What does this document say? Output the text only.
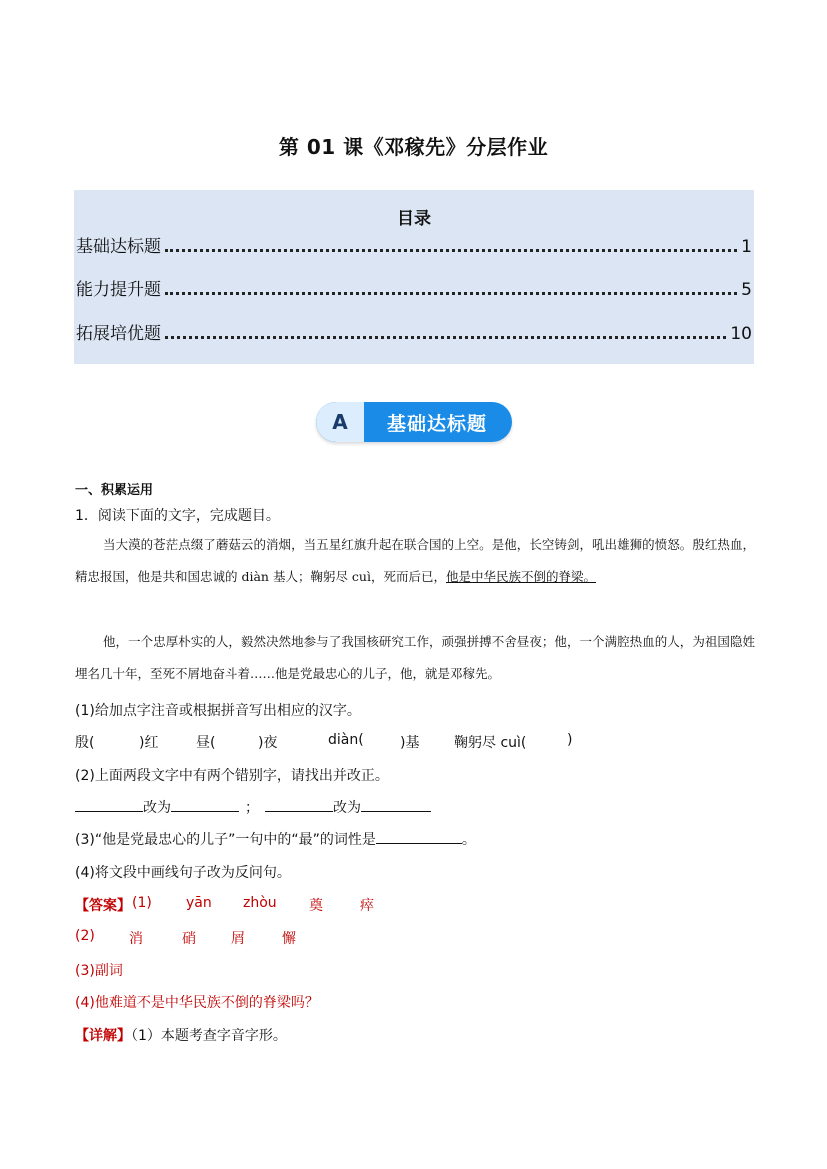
第 01 课《邓稼先》分层作业
目录
基础达标题	1
能力提升题	5
拓展培优题	10
A	基础达标题
一、积累运用
1．阅读下面的文字，完成题目。
当大漠的苍茫点缀了蘑菇云的消烟，当五星红旗升起在联合国的上空。是他，长空铸剑，吼出雄狮的愤怒。殷红热血，精忠报国，他是共和国忠诚的 diàn 基人；鞠躬尽 cuì，死而后已，他是中华民族不倒的脊梁。
他，一个忠厚朴实的人，毅然决然地参与了我国核研究工作，顽强拼搏不舍昼夜；他，一个满腔热血的人，为祖国隐姓埋名几十年，至死不屑地奋斗着……他是党最忠心的儿子，他，就是邓稼先。
(1)给加点字注音或根据拼音写出相应的汉字。
殷(	)红	昼(	)夜	diàn(	)基 鞠躬尽 cuì(	)
(2)上面两段文字中有两个错别字，请找出并改正。
改为	；	改为
(3)“他是党最忠心的儿子”一句中的“最”的词性是	。
(4)将文段中画线句子改为反问句。
【答案】 (1) yān zhòu 奠	瘁
(2) 消	硝	屑	懈
(3)副词
(4)他难道不是中华民族不倒的脊梁吗？
【详解】（1）本题考查字音字形。
